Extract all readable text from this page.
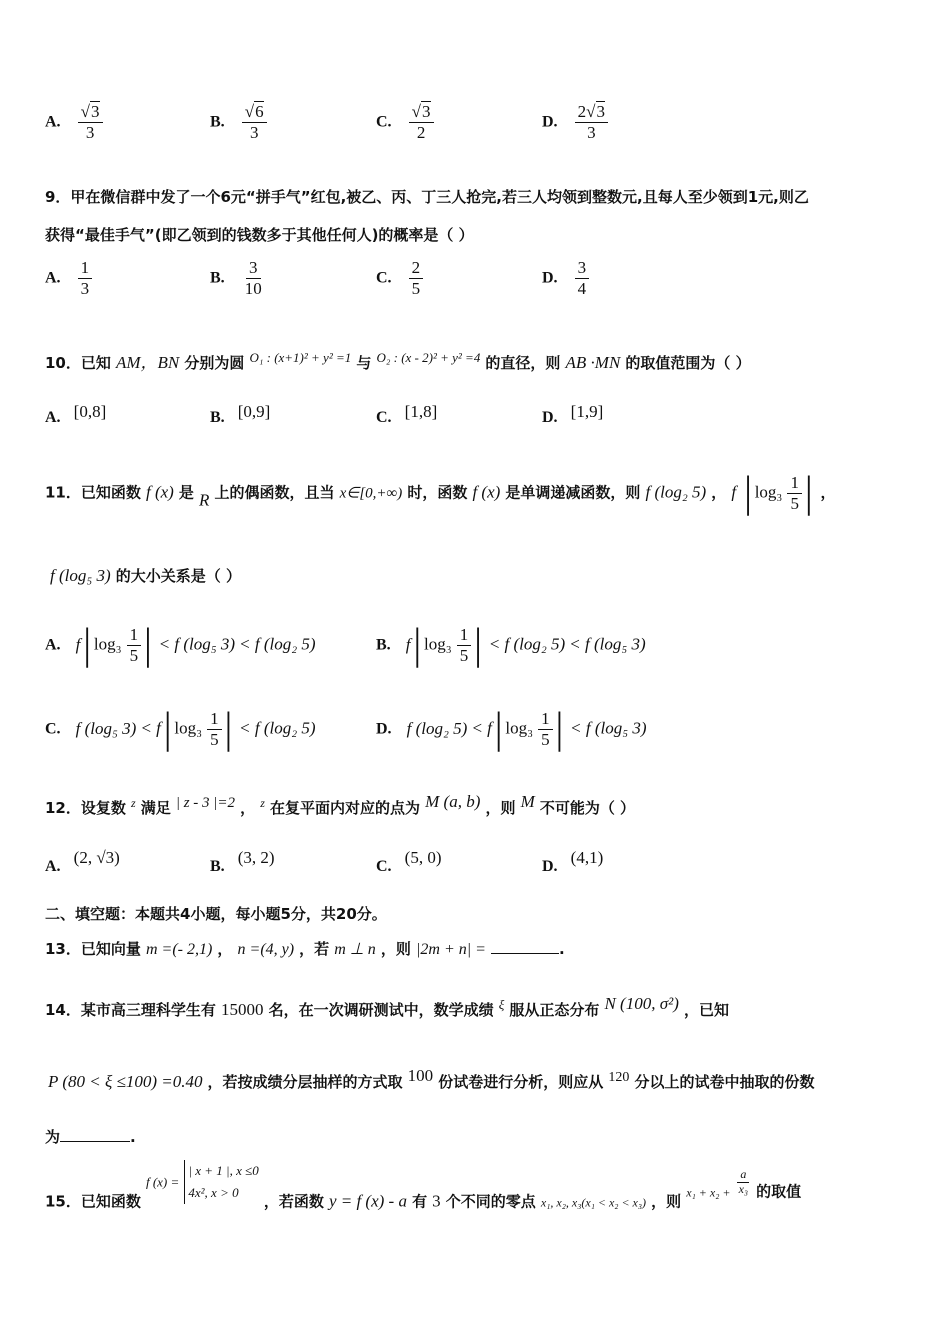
A. $\frac{√3}{3}$	B. $\frac{√6}{3}$	C. $\frac{√3}{2}$	D. $\frac{2√3}{3}$
9．甲在微信群中发了一个6元“拼手气”红包,被乙、丙、丁三人抢完,若三人均领到整数元,且每人至少领到1元,则乙
获得“最佳手气”(即乙领到的钱数多于其他任何人)的概率是（ ）
A. $\frac{1}{3}$	B. $\frac{3}{10}$	C. $\frac{2}{5}$	D. $\frac{3}{4}$
10．已知 AM，BN 分别为圆 $^{O_1 : (x+1)^2 + y^2 =1}$ 与 $^{O_2 : (x - 2)^2 + y^2 =4}$ 的直径，则 AB ·MN 的取值范围为（ ）
A. [0,8]	B. [0,9]	C. [1,8]	D. [1,9]
11．已知函数 f (x) 是 R 上的偶函数，且当 x∈[0,+∞) 时，函数 f (x) 是单调递减函数，则 f (log₂ 5) ， f $|\log_3 \frac{1}{5}$ | ，
f (log₅ 3) 的大小关系是（ ）
A. $f|\log_3 \frac{1}{5}$ | < f (log₅ 3) < f (log₂ 5)	B. $f|\log_3 \frac{1}{5}$ | < f (log₂ 5) < f (log₅ 3)
C. f (log₅ $3) < f|\log_3 \frac{1}{5}$ | < f (log₂ 5)	D. f (log₂ $5) < f|\log_3 \frac{1}{5}$ | < f (log₅ 3)
12．设复数 $^z$ 满足 | z - 3 |=2 ， $^z$ 在复平面内对应的点为 M (a, b) ，则 M 不可能为（ ）
A. (2, √3)	B. (3, 2)	C. (5, 0)	D. (4,1)
二、填空题：本题共4小题，每小题5分，共20分。
13．已知向量 m =(- 2,1) ， n =(4, y) ，若 m ⊥ n ，则 |2m + n| =	.
14．某市高三理科学生有 15000 名，在一次调研测试中，数学成绩 $^\xi$ 服从正态分布 N (100, σ²) ，已知
P (80 < ξ ≤100) =0.40 ，若按成绩分层抽样的方式取 100 份试卷进行分析，则应从 120 分以上的试卷中抽取的份数
为	.
15．已知函数 f (x) =
| x + 1 |, x ≤0
4x², x > 0	，若函数 y = f (x) - a 有 3 个不同的零点 $_{x_1, x_2, x_3(x_1 < x_2 < x_3)}$ ，则 $_{x_1 + x_2 +} \frac{a}{\text{x₃}}$ 的取值
